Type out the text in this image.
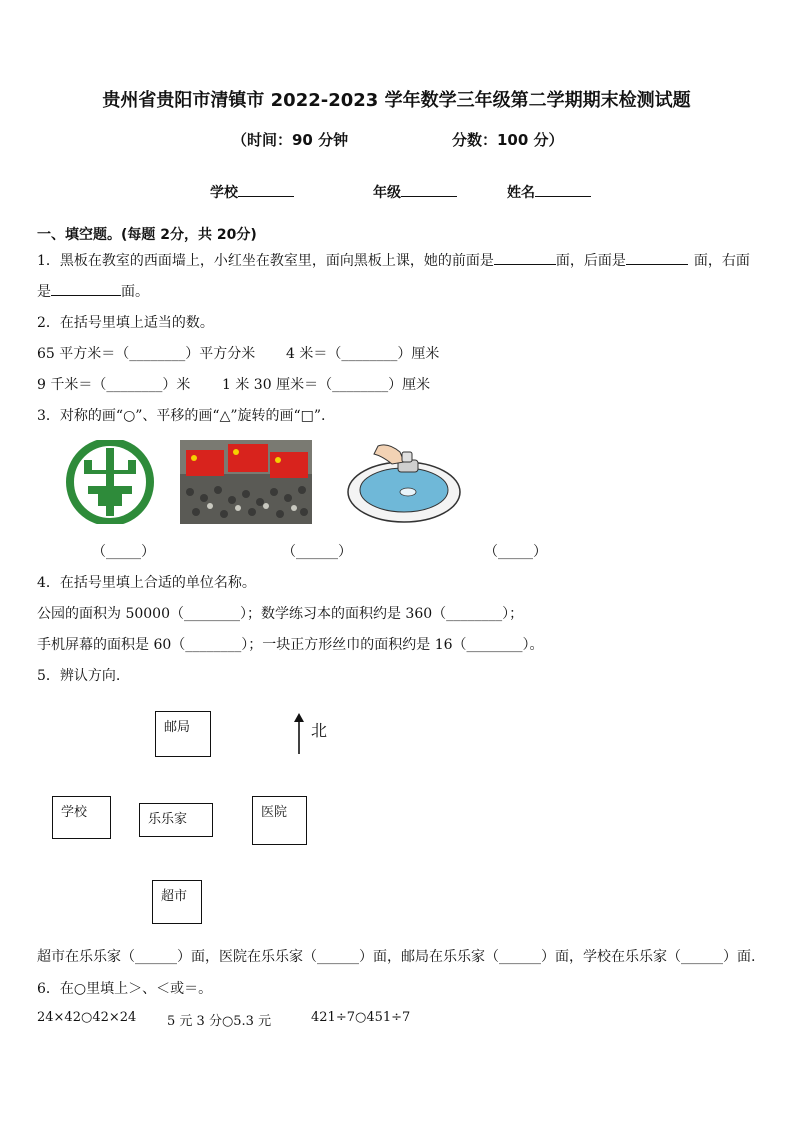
贵州省贵阳市清镇市 2022-2023 学年数学三年级第二学期期末检测试题
（时间：90 分钟	分数：100 分）
学校	年级	姓名
一、填空题。(每题 2分，共 20分)
1．黑板在教室的西面墙上，小红坐在教室里，面向黑板上课，她的前面是	面，后面是	面，右面
是	面。
2．在括号里填上适当的数。
65 平方米＝（________）平方分米 4 米＝（________）厘米
9 千米＝（________）米 1 米 30 厘米＝（________）厘米
3．对称的画“○”、平移的画“△”旋转的画“□”.
（_____）	（______）	（_____）
4．在括号里填上合适的单位名称。
公园的面积为 50000（________）；数学练习本的面积约是 360（________）；
手机屏幕的面积是 60（________）；一块正方形丝巾的面积约是 16（________）。
5．辨认方向.
邮局	北
学校	乐乐家	医院
超市
超市在乐乐家（______）面，医院在乐乐家（______）面，邮局在乐乐家（______）面，学校在乐乐家（______）面.
6．在○里填上＞、＜或＝。
24×42○42×24 5 元 3 分○5.3 元	421÷7○451÷7
